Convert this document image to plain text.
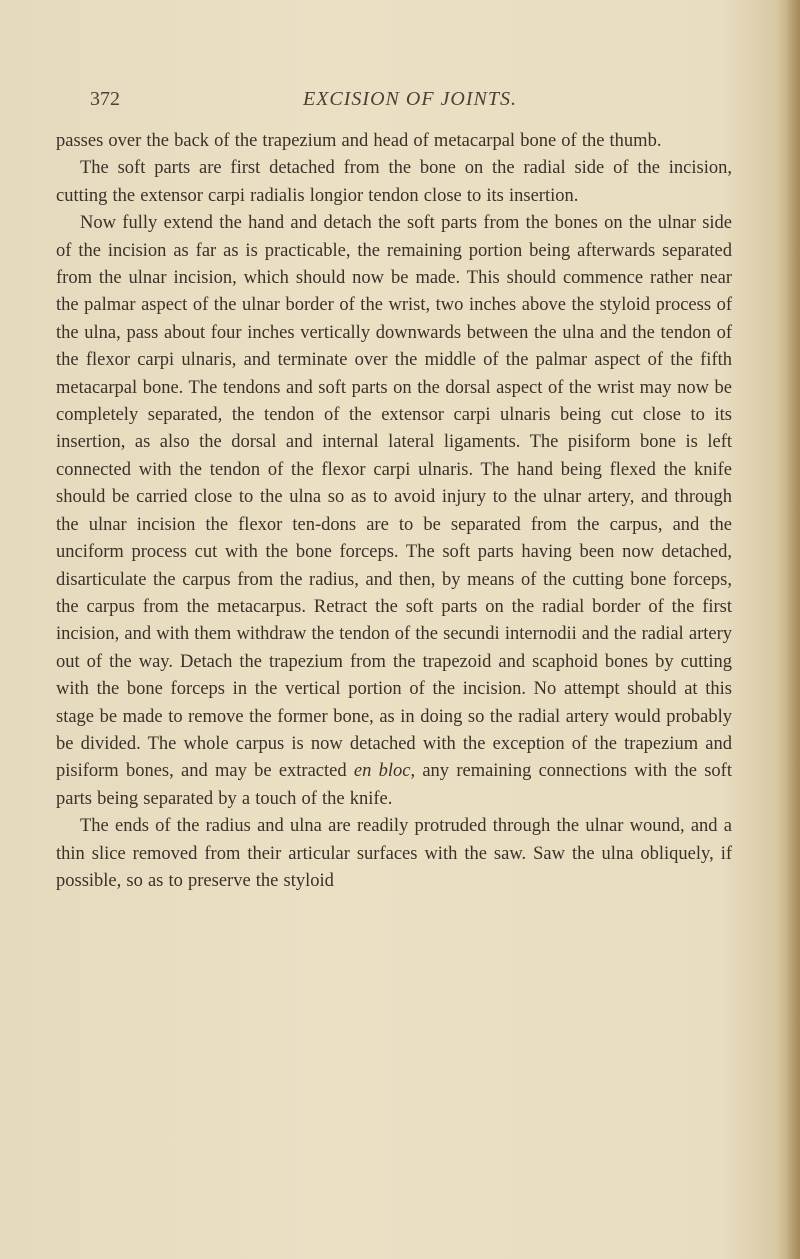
372	EXCISION OF JOINTS.

passes over the back of the trapezium and head of metacarpal bone of the thumb.

The soft parts are first detached from the bone on the radial side of the incision, cutting the extensor carpi radialis longior tendon close to its insertion.

Now fully extend the hand and detach the soft parts from the bones on the ulnar side of the incision as far as is practicable, the remaining portion being afterwards separated from the ulnar incision, which should now be made. This should commence rather near the palmar aspect of the ulnar border of the wrist, two inches above the styloid process of the ulna, pass about four inches vertically downwards between the ulna and the tendon of the flexor carpi ulnaris, and terminate over the middle of the palmar aspect of the fifth metacarpal bone. The tendons and soft parts on the dorsal aspect of the wrist may now be completely separated, the tendon of the extensor carpi ulnaris being cut close to its insertion, as also the dorsal and internal lateral ligaments. The pisiform bone is left connected with the tendon of the flexor carpi ulnaris. The hand being flexed the knife should be carried close to the ulna so as to avoid injury to the ulnar artery, and through the ulnar incision the flexor ten-dons are to be separated from the carpus, and the unciform process cut with the bone forceps. The soft parts having been now detached, disarticulate the carpus from the radius, and then, by means of the cutting bone forceps, the carpus from the metacarpus. Retract the soft parts on the radial border of the first incision, and with them withdraw the tendon of the secundi internodii and the radial artery out of the way. Detach the trapezium from the trapezoid and scaphoid bones by cutting with the bone forceps in the vertical portion of the incision. No attempt should at this stage be made to remove the former bone, as in doing so the radial artery would probably be divided. The whole carpus is now detached with the exception of the trapezium and pisiform bones, and may be extracted en bloc, any remaining connections with the soft parts being separated by a touch of the knife.

The ends of the radius and ulna are readily protruded through the ulnar wound, and a thin slice removed from their articular surfaces with the saw. Saw the ulna obliquely, if possible, so as to preserve the styloid
